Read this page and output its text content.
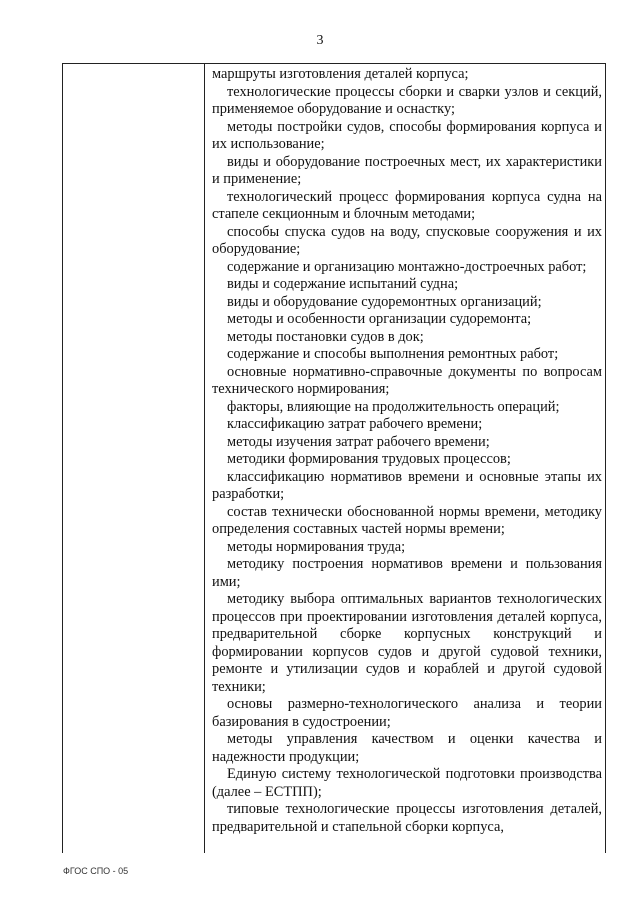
3

маршруты изготовления деталей корпуса;

технологические процессы сборки и сварки узлов и секций, применяемое оборудование и оснастку;

методы постройки судов, способы формирования корпуса и их использование;

виды и оборудование построечных мест, их характеристики и применение;

технологический процесс формирования корпуса судна на стапеле секционным и блочным методами;

способы спуска судов на воду, спусковые сооружения и их оборудование;

содержание и организацию монтажно-достроечных работ;

виды и содержание испытаний судна;

виды и оборудование судоремонтных организаций;

методы и особенности организации судоремонта;

методы постановки судов в док;

содержание и способы выполнения ремонтных работ;

основные нормативно-справочные документы по вопросам технического нормирования;

факторы, влияющие на продолжительность операций;

классификацию затрат рабочего времени;

методы изучения затрат рабочего времени;

методики формирования трудовых процессов;

классификацию нормативов времени и основные этапы их разработки;

состав технически обоснованной нормы времени, методику определения составных частей нормы времени;

методы нормирования труда;

методику построения нормативов времени и пользования ими;

методику выбора оптимальных вариантов технологических процессов при проектировании изготовления деталей корпуса, предварительной сборке корпусных конструкций и формировании корпусов судов и другой судовой техники, ремонте и утилизации судов и кораблей и другой судовой техники;

основы размерно-технологического анализа и теории базирования в судостроении;

методы управления качеством и оценки качества и надежности продукции;

Единую систему технологической подготовки производства (далее – ЕСТПП);

типовые технологические процессы изготовления деталей, предварительной и стапельной сборки корпуса,

ФГОС СПО - 05
